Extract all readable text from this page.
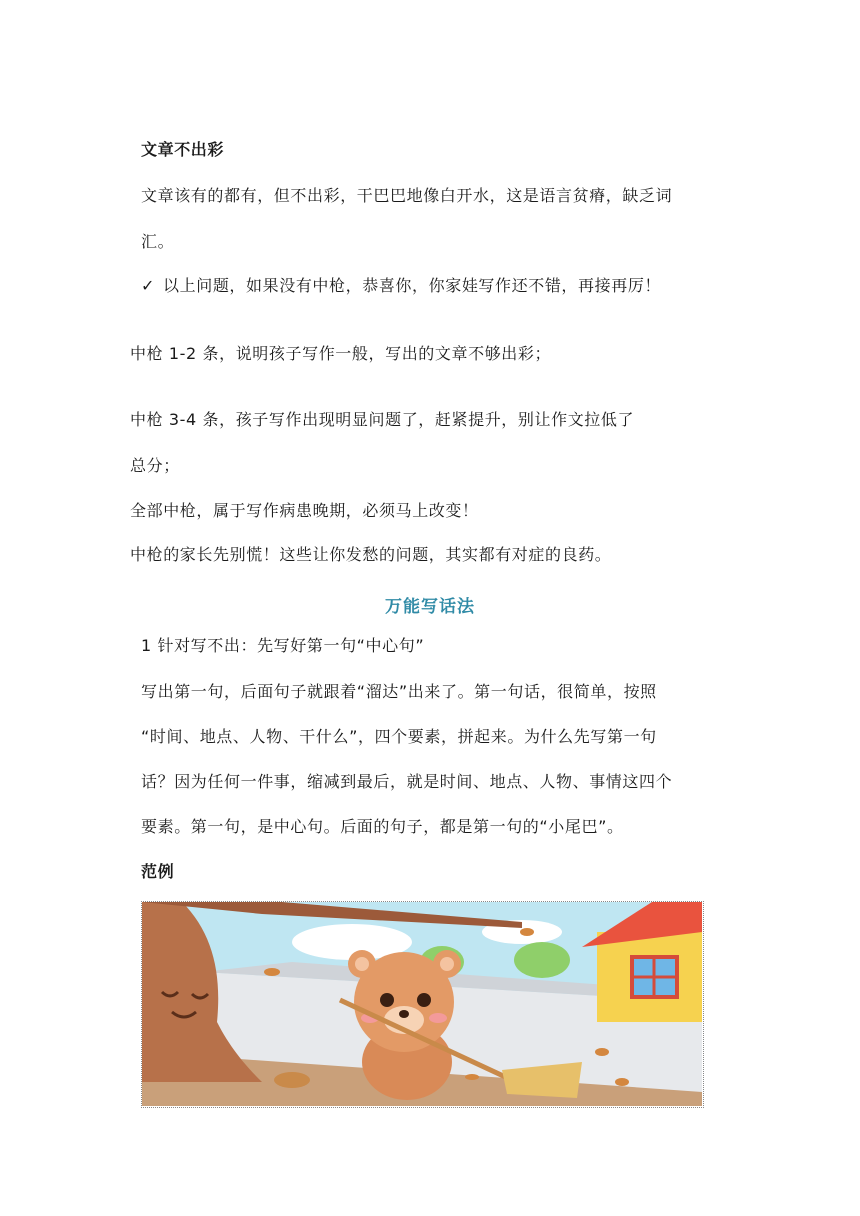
文章不出彩
文章该有的都有，但不出彩，干巴巴地像白开水，这是语言贫瘠，缺乏词
汇。
✓ 以上问题，如果没有中枪，恭喜你，你家娃写作还不错，再接再厉！
中枪 1-2 条，说明孩子写作一般，写出的文章不够出彩；
中枪 3-4 条，孩子写作出现明显问题了，赶紧提升，别让作文拉低了
总分；
全部中枪，属于写作病患晚期，必须马上改变！
中枪的家长先别慌！这些让你发愁的问题，其实都有对症的良药。
万能写话法
1 针对写不出：先写好第一句“中心句”
写出第一句，后面句子就跟着“溜达”出来了。第一句话，很简单，按照
“时间、地点、人物、干什么”，四个要素，拼起来。为什么先写第一句
话？因为任何一件事，缩减到最后，就是时间、地点、人物、事情这四个
要素。第一句，是中心句。后面的句子，都是第一句的“小尾巴”。
范例
